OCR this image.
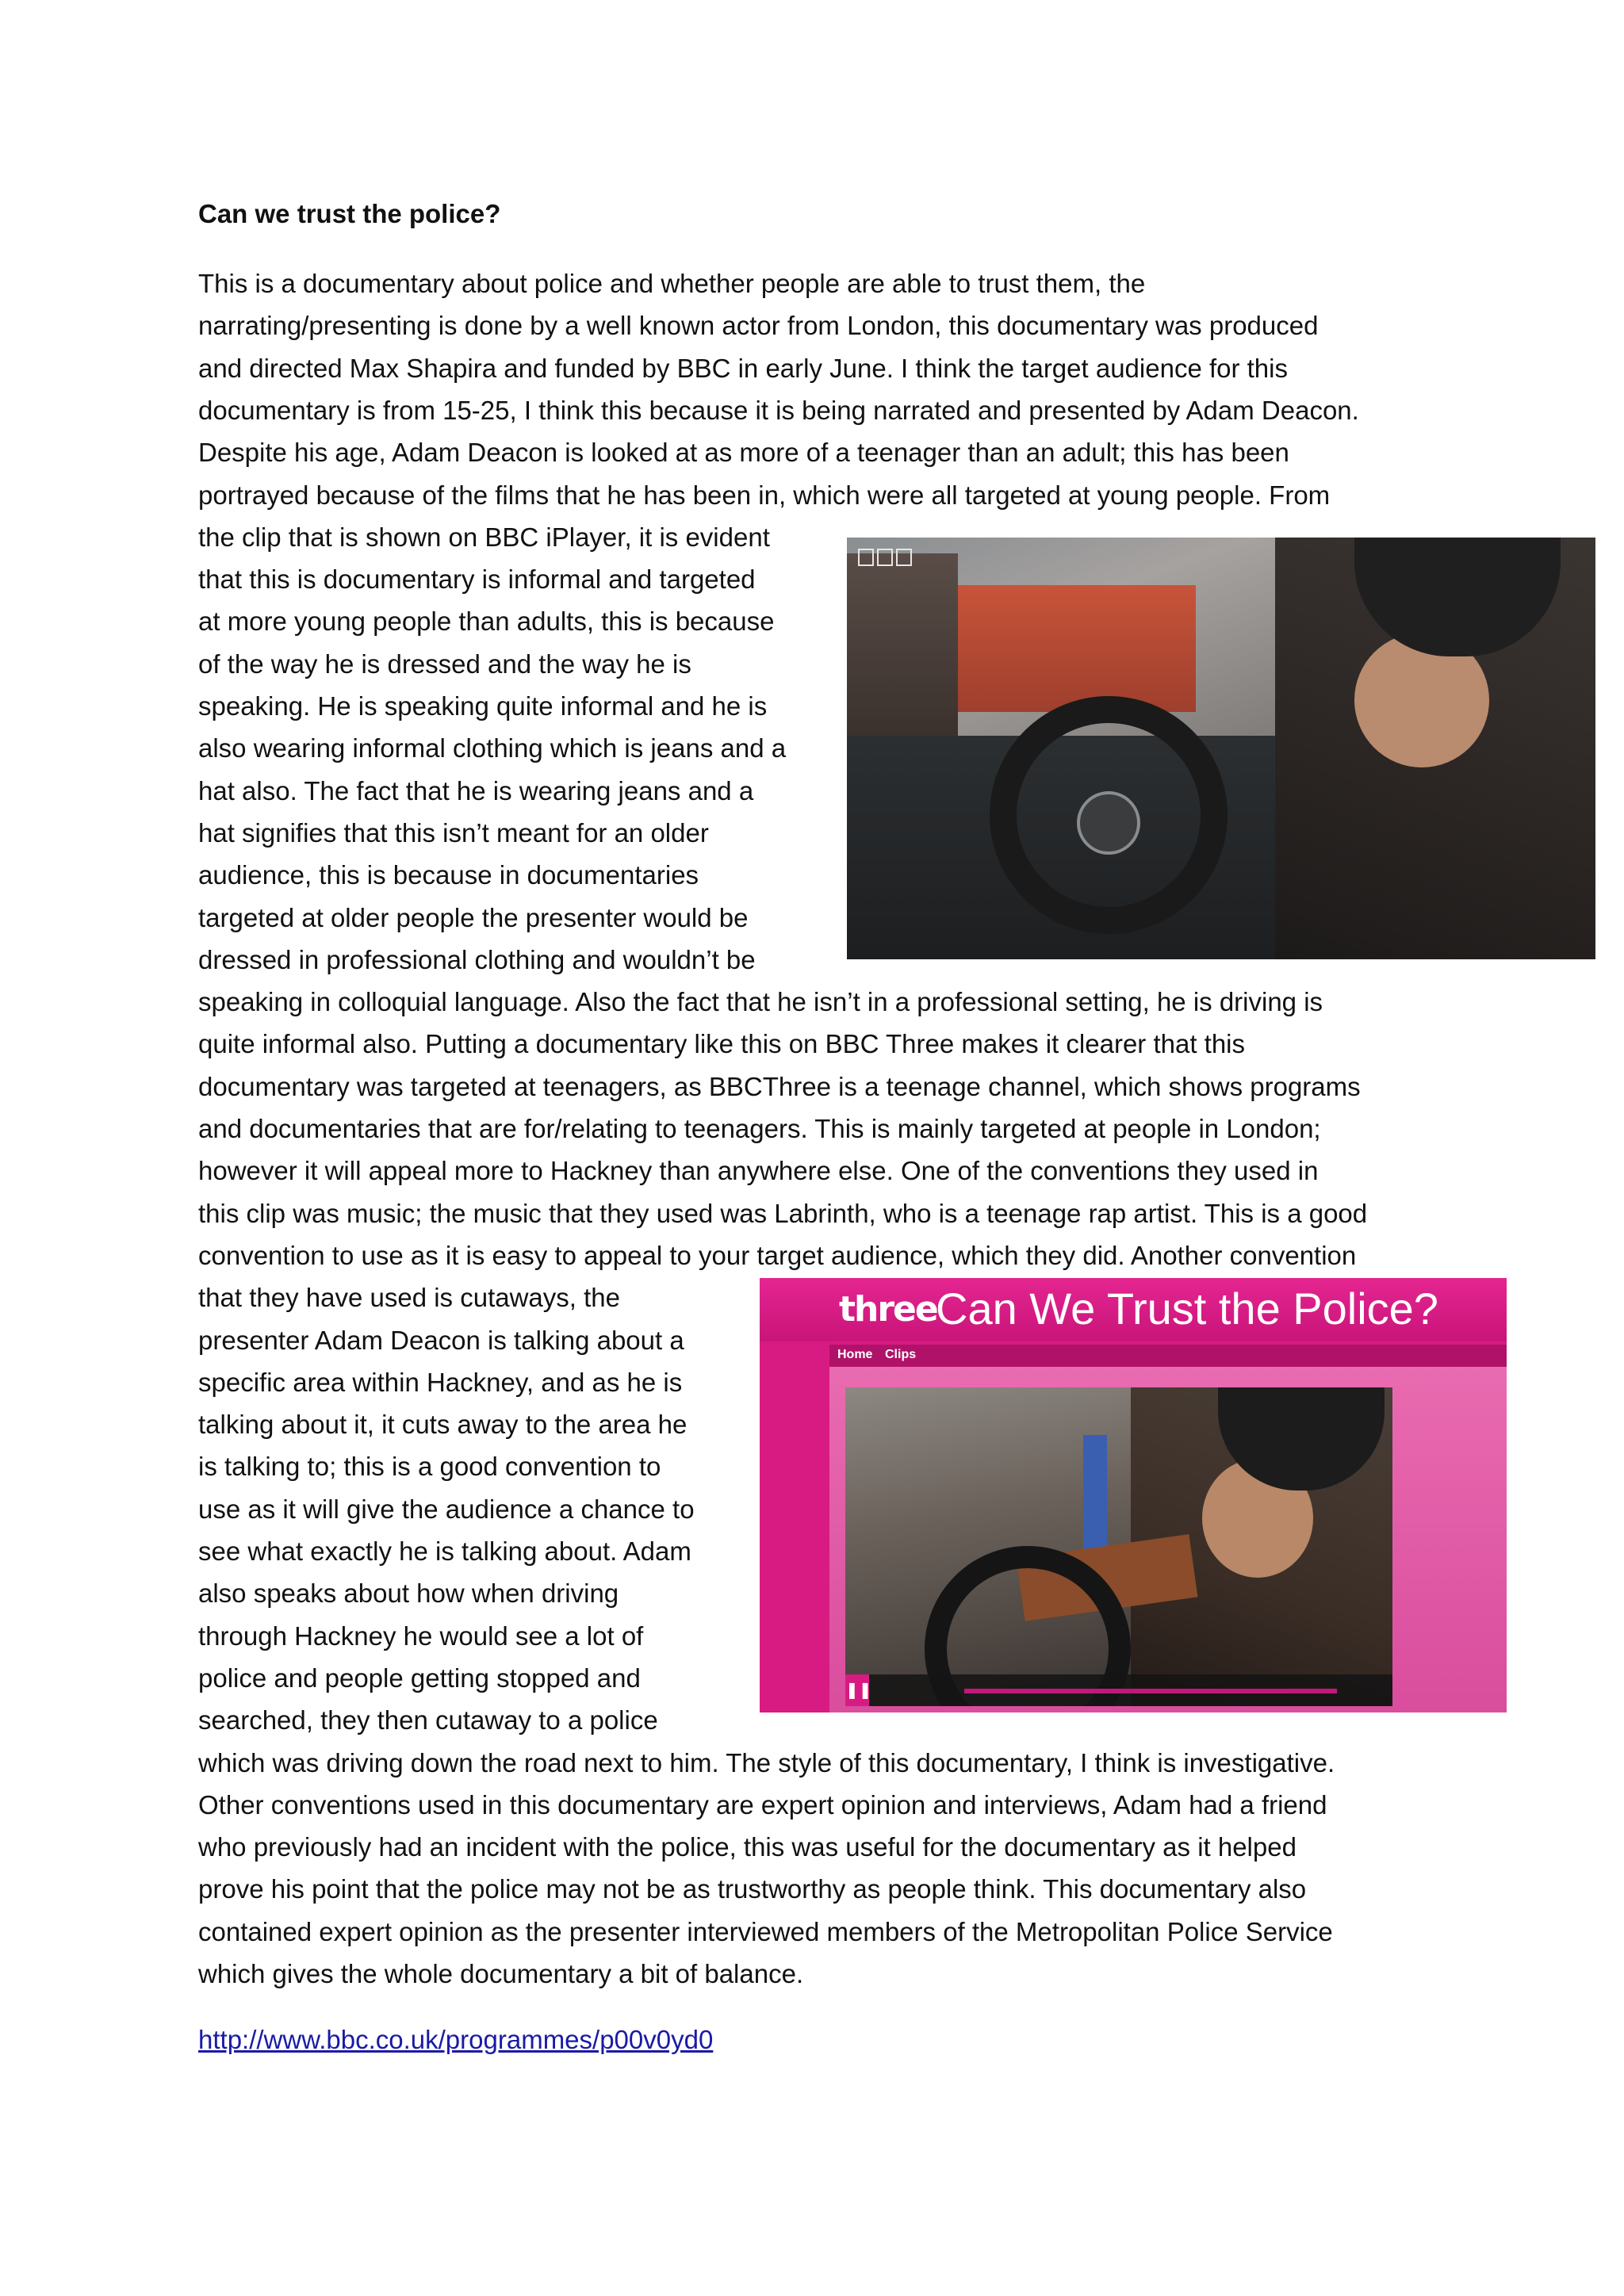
Can we trust the police?

This is a documentary about police and whether people are able to trust them, the

narrating/presenting is done by a well known actor from London, this documentary was produced

and directed Max Shapira and funded by BBC in early June. I think the target audience for this

documentary is from 15-25, I think this because it is being narrated and presented by Adam Deacon.

Despite his age, Adam Deacon is looked at as more of a teenager than an adult; this has been

portrayed because of the films that he has been in, which were all targeted at young people. From

the clip that is shown on BBC iPlayer, it is evident

that this is documentary is informal and targeted

at more young people than adults, this is because

of the way he is dressed and the way he is

speaking. He is speaking quite informal and he is

also wearing informal clothing which is jeans and a

hat also. The fact that he is wearing jeans and a

hat signifies that this isn’t meant for an older

audience, this is because in documentaries

targeted at older people the presenter would be

dressed in professional clothing and wouldn’t be

speaking in colloquial language. Also the fact that he isn’t in a professional setting, he is driving is

quite informal also. Putting a documentary like this on BBC Three makes it clearer that this

documentary was targeted at teenagers, as BBCThree is a teenage channel, which shows programs

and documentaries that are for/relating to teenagers. This is mainly targeted at people in London;

however it will appeal more to Hackney than anywhere else. One of the conventions they used in

this clip was music; the music that they used was Labrinth, who is a teenage rap artist. This is a good

convention to use as it is easy to appeal to your target audience, which they did. Another convention

that they have used is cutaways, the

presenter Adam Deacon is talking about a

specific area within Hackney, and as he is

talking about it, it cuts away to the area he

is talking to; this is a good convention to

use as it will give the audience a chance to

see what exactly he is talking about. Adam

also speaks about how when driving

through Hackney he would see a lot of

police and people getting stopped and

searched, they then cutaway to a police

which was driving down the road next to him. The style of this documentary, I think is investigative.

Other conventions used in this documentary are expert opinion and interviews, Adam had a friend

who previously had an incident with the police, this was useful for the documentary as it helped

prove his point that the police may not be as trustworthy as people think. This documentary also

contained expert opinion as the presenter interviewed members of the Metropolitan Police Service

which gives the whole documentary a bit of balance.

three
Can We Trust the Police?
Home Clips
❚❚
http://www.bbc.co.uk/programmes/p00v0yd0
